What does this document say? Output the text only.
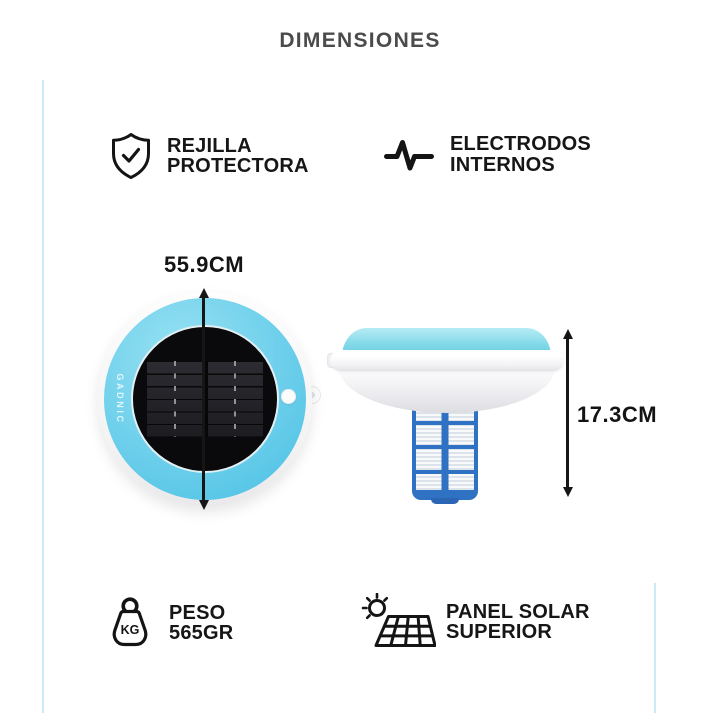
DIMENSIONES
REJILLA
PROTECTORA
ELECTRODOS
INTERNOS
KG
PESO
565GR
PANEL SOLAR
SUPERIOR
55.9CM
GADNIC	17.3CM
